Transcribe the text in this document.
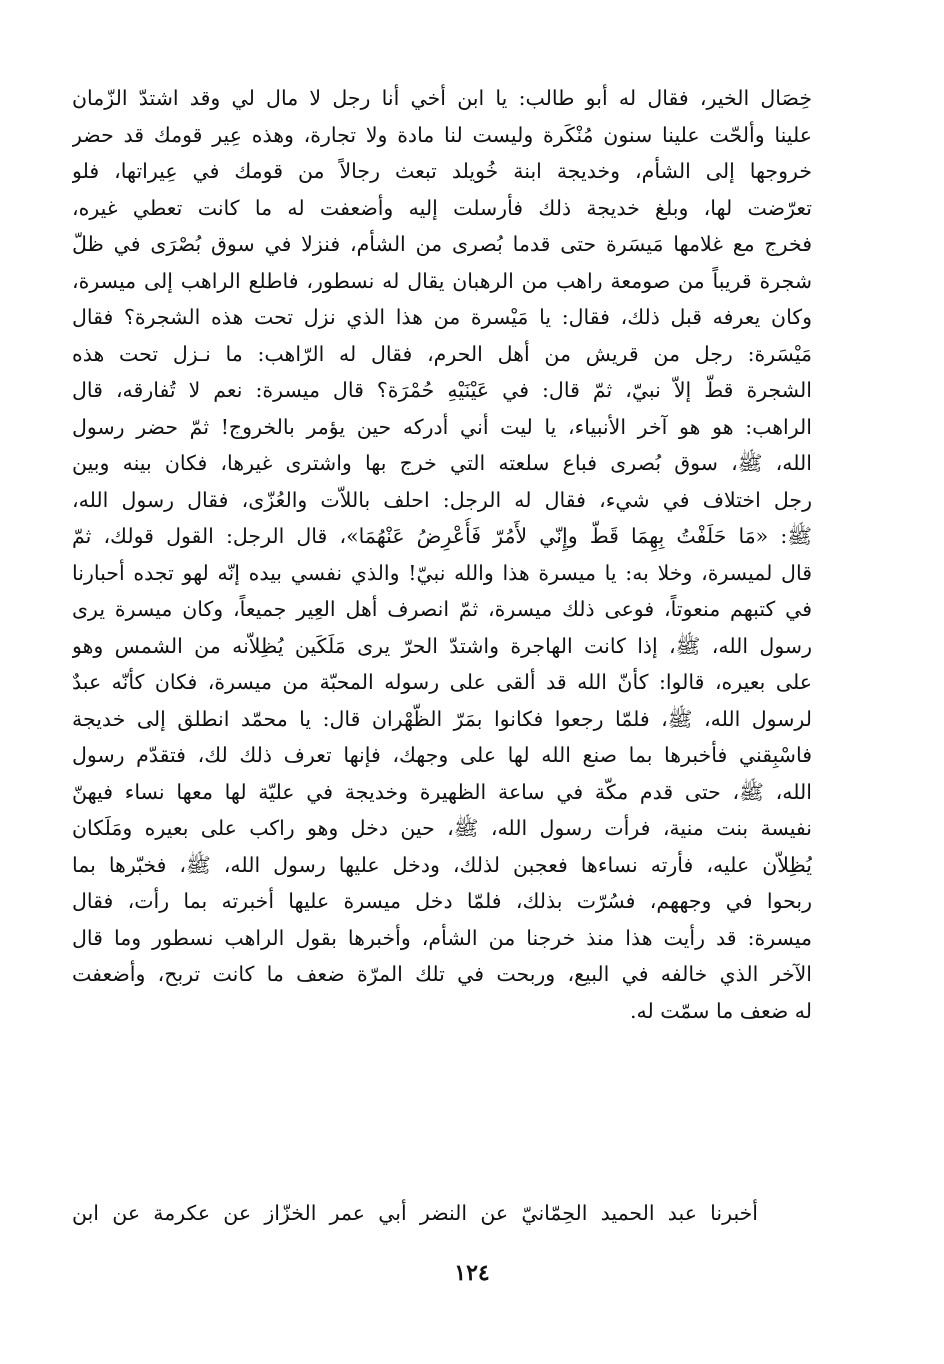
خِصَال الخير، فقال له أبو طالب: يا ابن أخي أنا رجل لا مال لي وقد اشتدّ الزّمان
علينا وألحّت علينا سنون مُنْكَرة وليست لنا مادة ولا تجارة، وهذه عِير قومك قد حضر
خروجها إلى الشأم، وخديجة ابنة خُويلد تبعث رجالاً من قومك في عِيراتها، فلو
تعرّضت لها، وبلغ خديجة ذلك فأرسلت إليه وأضعفت له ما كانت تعطي غيره،
فخرج مع غلامها مَيسَرة حتى قدما بُصرى من الشأم، فنزلا في سوق بُصْرَى في ظلّ
شجرة قريباً من صومعة راهب من الرهبان يقال له نسطور، فاطلع الراهب إلى ميسرة،
وكان يعرفه قبل ذلك، فقال: يا مَيْسرة من هذا الذي نزل تحت هذه الشجرة؟ فقال
مَيْسَرة: رجل من قريش من أهل الحرم، فقال له الرّاهب: ما نـزل تحت هذه
الشجرة قطّ إلاّ نبيّ، ثمّ قال: في عَيْنَيْهِ حُمْرَة؟ قال ميسرة: نعم لا تُفارقه، قال
الراهب: هو هو آخر الأنبياء، يا ليت أني أدركه حين يؤمر بالخروج! ثمّ حضر رسول
الله، ﷺ، سوق بُصرى فباع سلعته التي خرج بها واشترى غيرها، فكان بينه وبين
رجل اختلاف في شيء، فقال له الرجل: احلف باللاّت والعُزّى، فقال رسول الله،
ﷺ: «مَا حَلَفْتُ بِهِمَا قَطّ وإِنّي لأَمُرّ فَأُعْرِضُ عَنْهُمَا»، قال الرجل: القول قولك، ثمّ
قال لميسرة، وخلا به: يا ميسرة هذا والله نبيّ! والذي نفسي بيده إنّه لهو تجده أحبارنا
في كتبهم منعوتاً، فوعى ذلك ميسرة، ثمّ انصرف أهل العِير جميعاً، وكان ميسرة يرى
رسول الله، ﷺ، إذا كانت الهاجرة واشتدّ الحرّ يرى مَلَكَين يُظِلاّنه من الشمس وهو
على بعيره، قالوا: كأنّ الله قد ألقى على رسوله المحبّة من ميسرة، فكان كأنّه عبدٌ
لرسول الله، ﷺ، فلمّا رجعوا فكانوا بمَرّ الظّهْران قال: يا محمّد انطلق إلى خديجة
فاسْبِقني فأخبرها بما صنع الله لها على وجهك، فإنها تعرف ذلك لك، فتقدّم رسول
الله، ﷺ، حتى قدم مكّة في ساعة الظهيرة وخديجة في عليّة لها معها نساء فيهنّ
نفيسة بنت منية، فرأت رسول الله، ﷺ، حين دخل وهو راكب على بعيره ومَلَكان
يُظِلاّن عليه، فأرته نساءها فعجبن لذلك، ودخل عليها رسول الله، ﷺ، فخبّرها بما
ربحوا في وجههم، فسُرّت بذلك، فلمّا دخل ميسرة عليها أخبرته بما رأت، فقال
ميسرة: قد رأيت هذا منذ خرجنا من الشأم، وأخبرها بقول الراهب نسطور وما قال
الآخر الذي خالفه في البيع، وربحت في تلك المرّة ضعف ما كانت تربح، وأضعفت
له ضعف ما سمّت له.
أخبرنا عبد الحميد الحِمّانيّ عن النضر أبي عمر الخزّاز عن عكرمة عن ابن
١٢٤
